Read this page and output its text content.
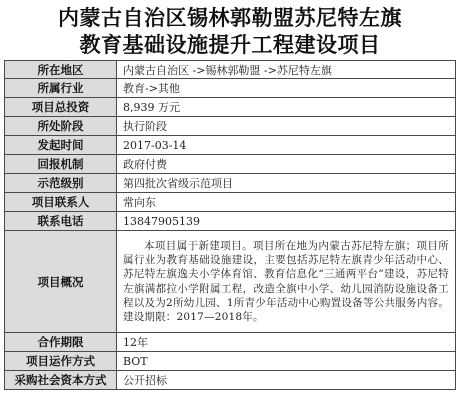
内蒙古自治区锡林郭勒盟苏尼特左旗
教育基础设施提升工程建设项目
所在地区	内蒙古自治区 ->锡林郭勒盟 ->苏尼特左旗
所属行业	教育->其他
项目总投资	8,939 万元
所处阶段	执行阶段
发起时间	2017-03-14
回报机制	政府付费
示范级别	第四批次省级示范项目
项目联系人	常向东
联系电话	13847905139
项目概况	本项目属于新建项目。项目所在地为内蒙古苏尼特左旗；项目所属行业为教育基础设施建设，主要包括苏尼特左旗青少年活动中心、苏尼特左旗逸夫小学体育馆、教育信息化“三通两平台”建设，苏尼特左旗满都拉小学附属工程，改造全旗中小学、幼儿园消防设施设备工程以及为2所幼儿园、1所青少年活动中心购置设备等公共服务内容。建设期限：2017—2018年。
合作期限	12年
项目运作方式	BOT
采购社会资本方式	公开招标
